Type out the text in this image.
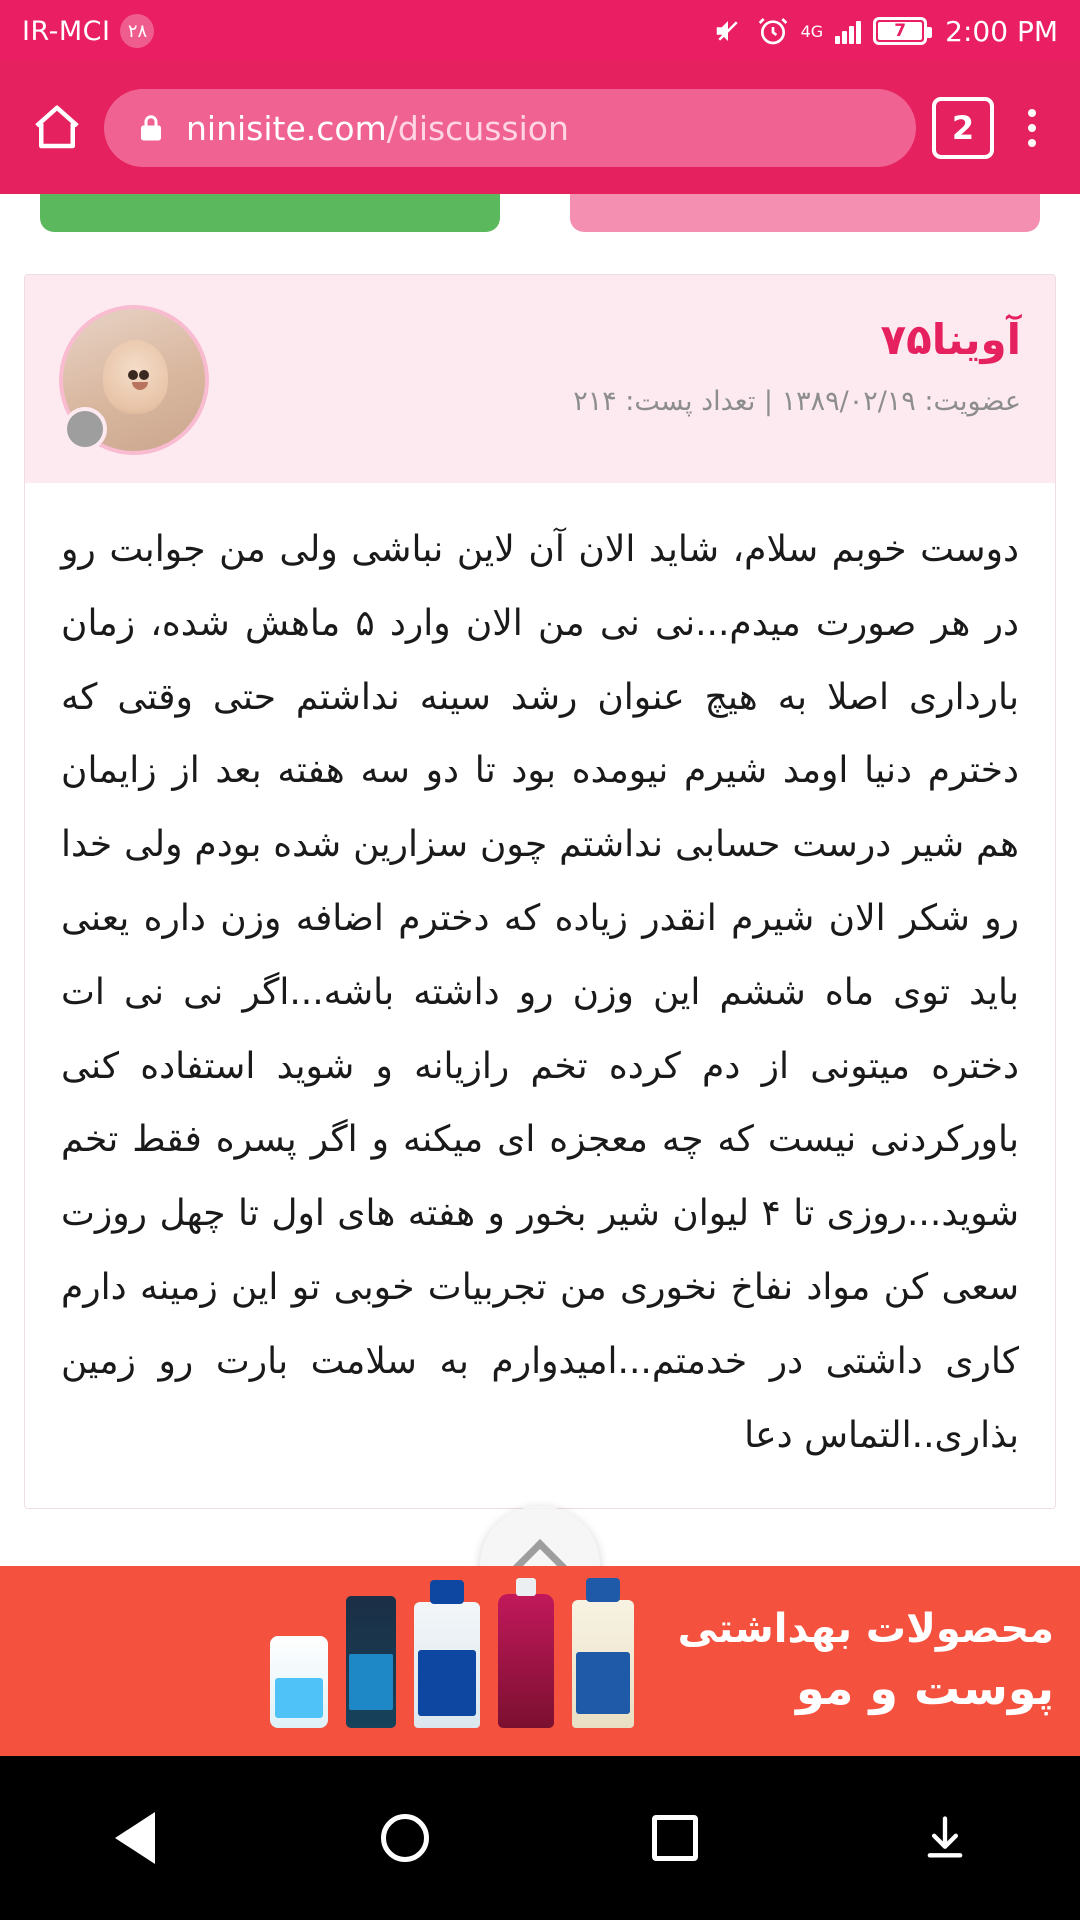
IR-MCI ۲۸	4G	7	2:00 PM
ninisite.com/discussion	2
آوینا۷۵
عضویت: ۱۳۸۹/۰۲/۱۹ | تعداد پست: ۲۱۴
دوست خوبم سلام، شاید الان آن لاین نباشی ولی من جوابت رو در هر صورت میدم...نی نی من الان وارد ۵ ماهش شده، زمان بارداری اصلا به هیچ عنوان رشد سینه نداشتم حتی وقتی که دخترم دنیا اومد شیرم نیومده بود تا دو سه هفته بعد از زایمان هم شیر درست حسابی نداشتم چون سزارین شده بودم ولی خدا رو شکر الان شیرم انقدر زیاده که دخترم اضافه وزن داره یعنی باید توی ماه ششم این وزن رو داشته باشه...اگر نی نی ات دختره میتونی از دم کرده تخم رازیانه و شوید استفاده کنی باورکردنی نیست که چه معجزه ای میکنه و اگر پسره فقط تخم شوید...روزی تا ۴ لیوان شیر بخور و هفته های اول تا چهل روزت سعی کن مواد نفاخ نخوری من تجربیات خوبی تو این زمینه دارم کاری داشتی در خدمتم...امیدوارم به سلامت بارت رو زمین بذاری..التماس دعا
محصولات بهداشتی
پوست و مو
